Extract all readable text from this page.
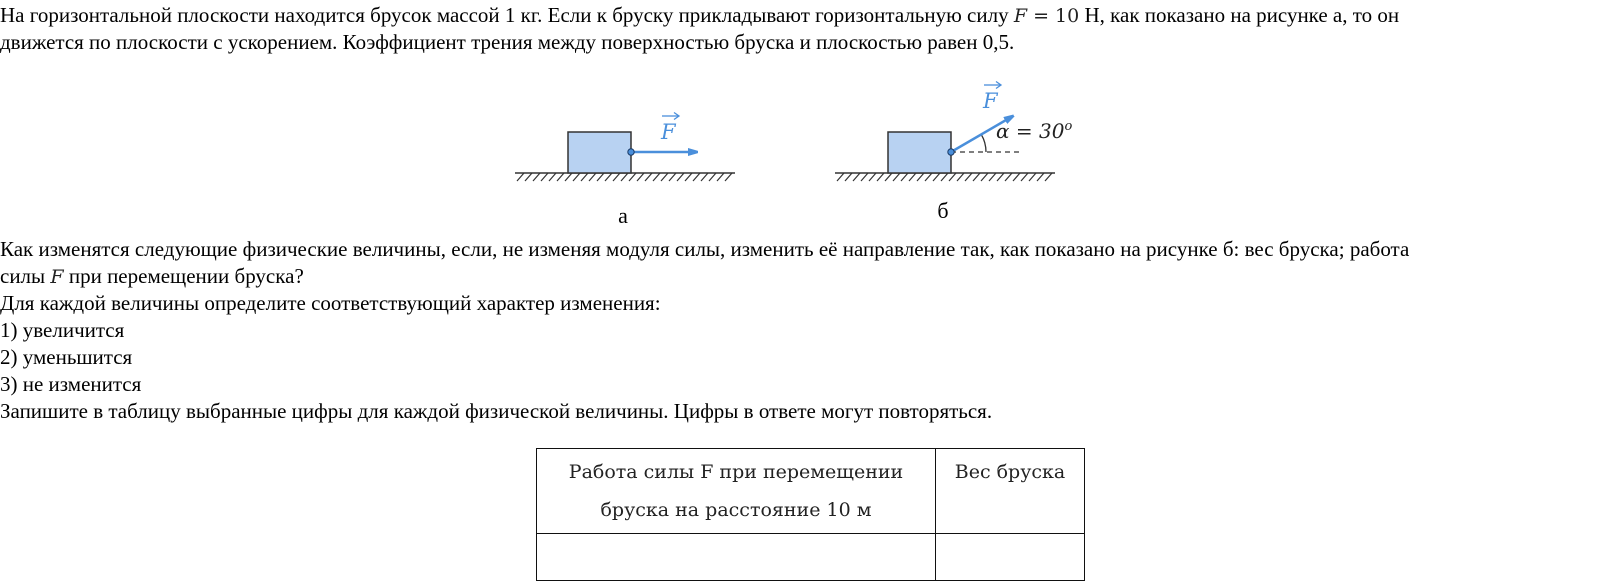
На горизонтальной плоскости находится брусок массой 1 кг. Если к бруску прикладывают горизонтальную силу F = 10 Н, как показано на рисунке а, то он

движется по плоскости с ускорением. Коэффициент трения между поверхностью бруска и плоскостью равен 0,5.

F
а
F
$\alpha = 30^o$
б

Как изменятся следующие физические величины, если, не изменяя модуля силы, изменить её направление так, как показано на рисунке б: вес бруска; работа

силы F при перемещении бруска?

Для каждой величины определите соответствующий характер изменения:

1) увеличится

2) уменьшится

3) не изменится

Запишите в таблицу выбранные цифры для каждой физической величины. Цифры в ответе могут повторяться.

Работа силы F при перемещении
бруска на расстояние 10 м	Вес бруска
